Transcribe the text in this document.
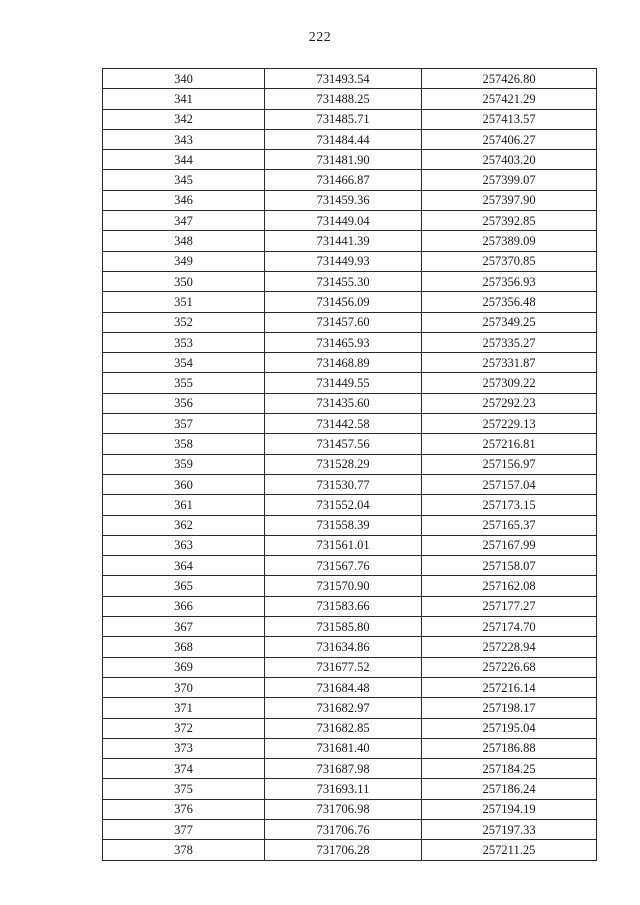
222
340	731493.54	257426.80
341	731488.25	257421.29
342	731485.71	257413.57
343	731484.44	257406.27
344	731481.90	257403.20
345	731466.87	257399.07
346	731459.36	257397.90
347	731449.04	257392.85
348	731441.39	257389.09
349	731449.93	257370.85
350	731455.30	257356.93
351	731456.09	257356.48
352	731457.60	257349.25
353	731465.93	257335.27
354	731468.89	257331.87
355	731449.55	257309.22
356	731435.60	257292.23
357	731442.58	257229.13
358	731457.56	257216.81
359	731528.29	257156.97
360	731530.77	257157.04
361	731552.04	257173.15
362	731558.39	257165.37
363	731561.01	257167.99
364	731567.76	257158.07
365	731570.90	257162.08
366	731583.66	257177.27
367	731585.80	257174.70
368	731634.86	257228.94
369	731677.52	257226.68
370	731684.48	257216.14
371	731682.97	257198.17
372	731682.85	257195.04
373	731681.40	257186.88
374	731687.98	257184.25
375	731693.11	257186.24
376	731706.98	257194.19
377	731706.76	257197.33
378	731706.28	257211.25
